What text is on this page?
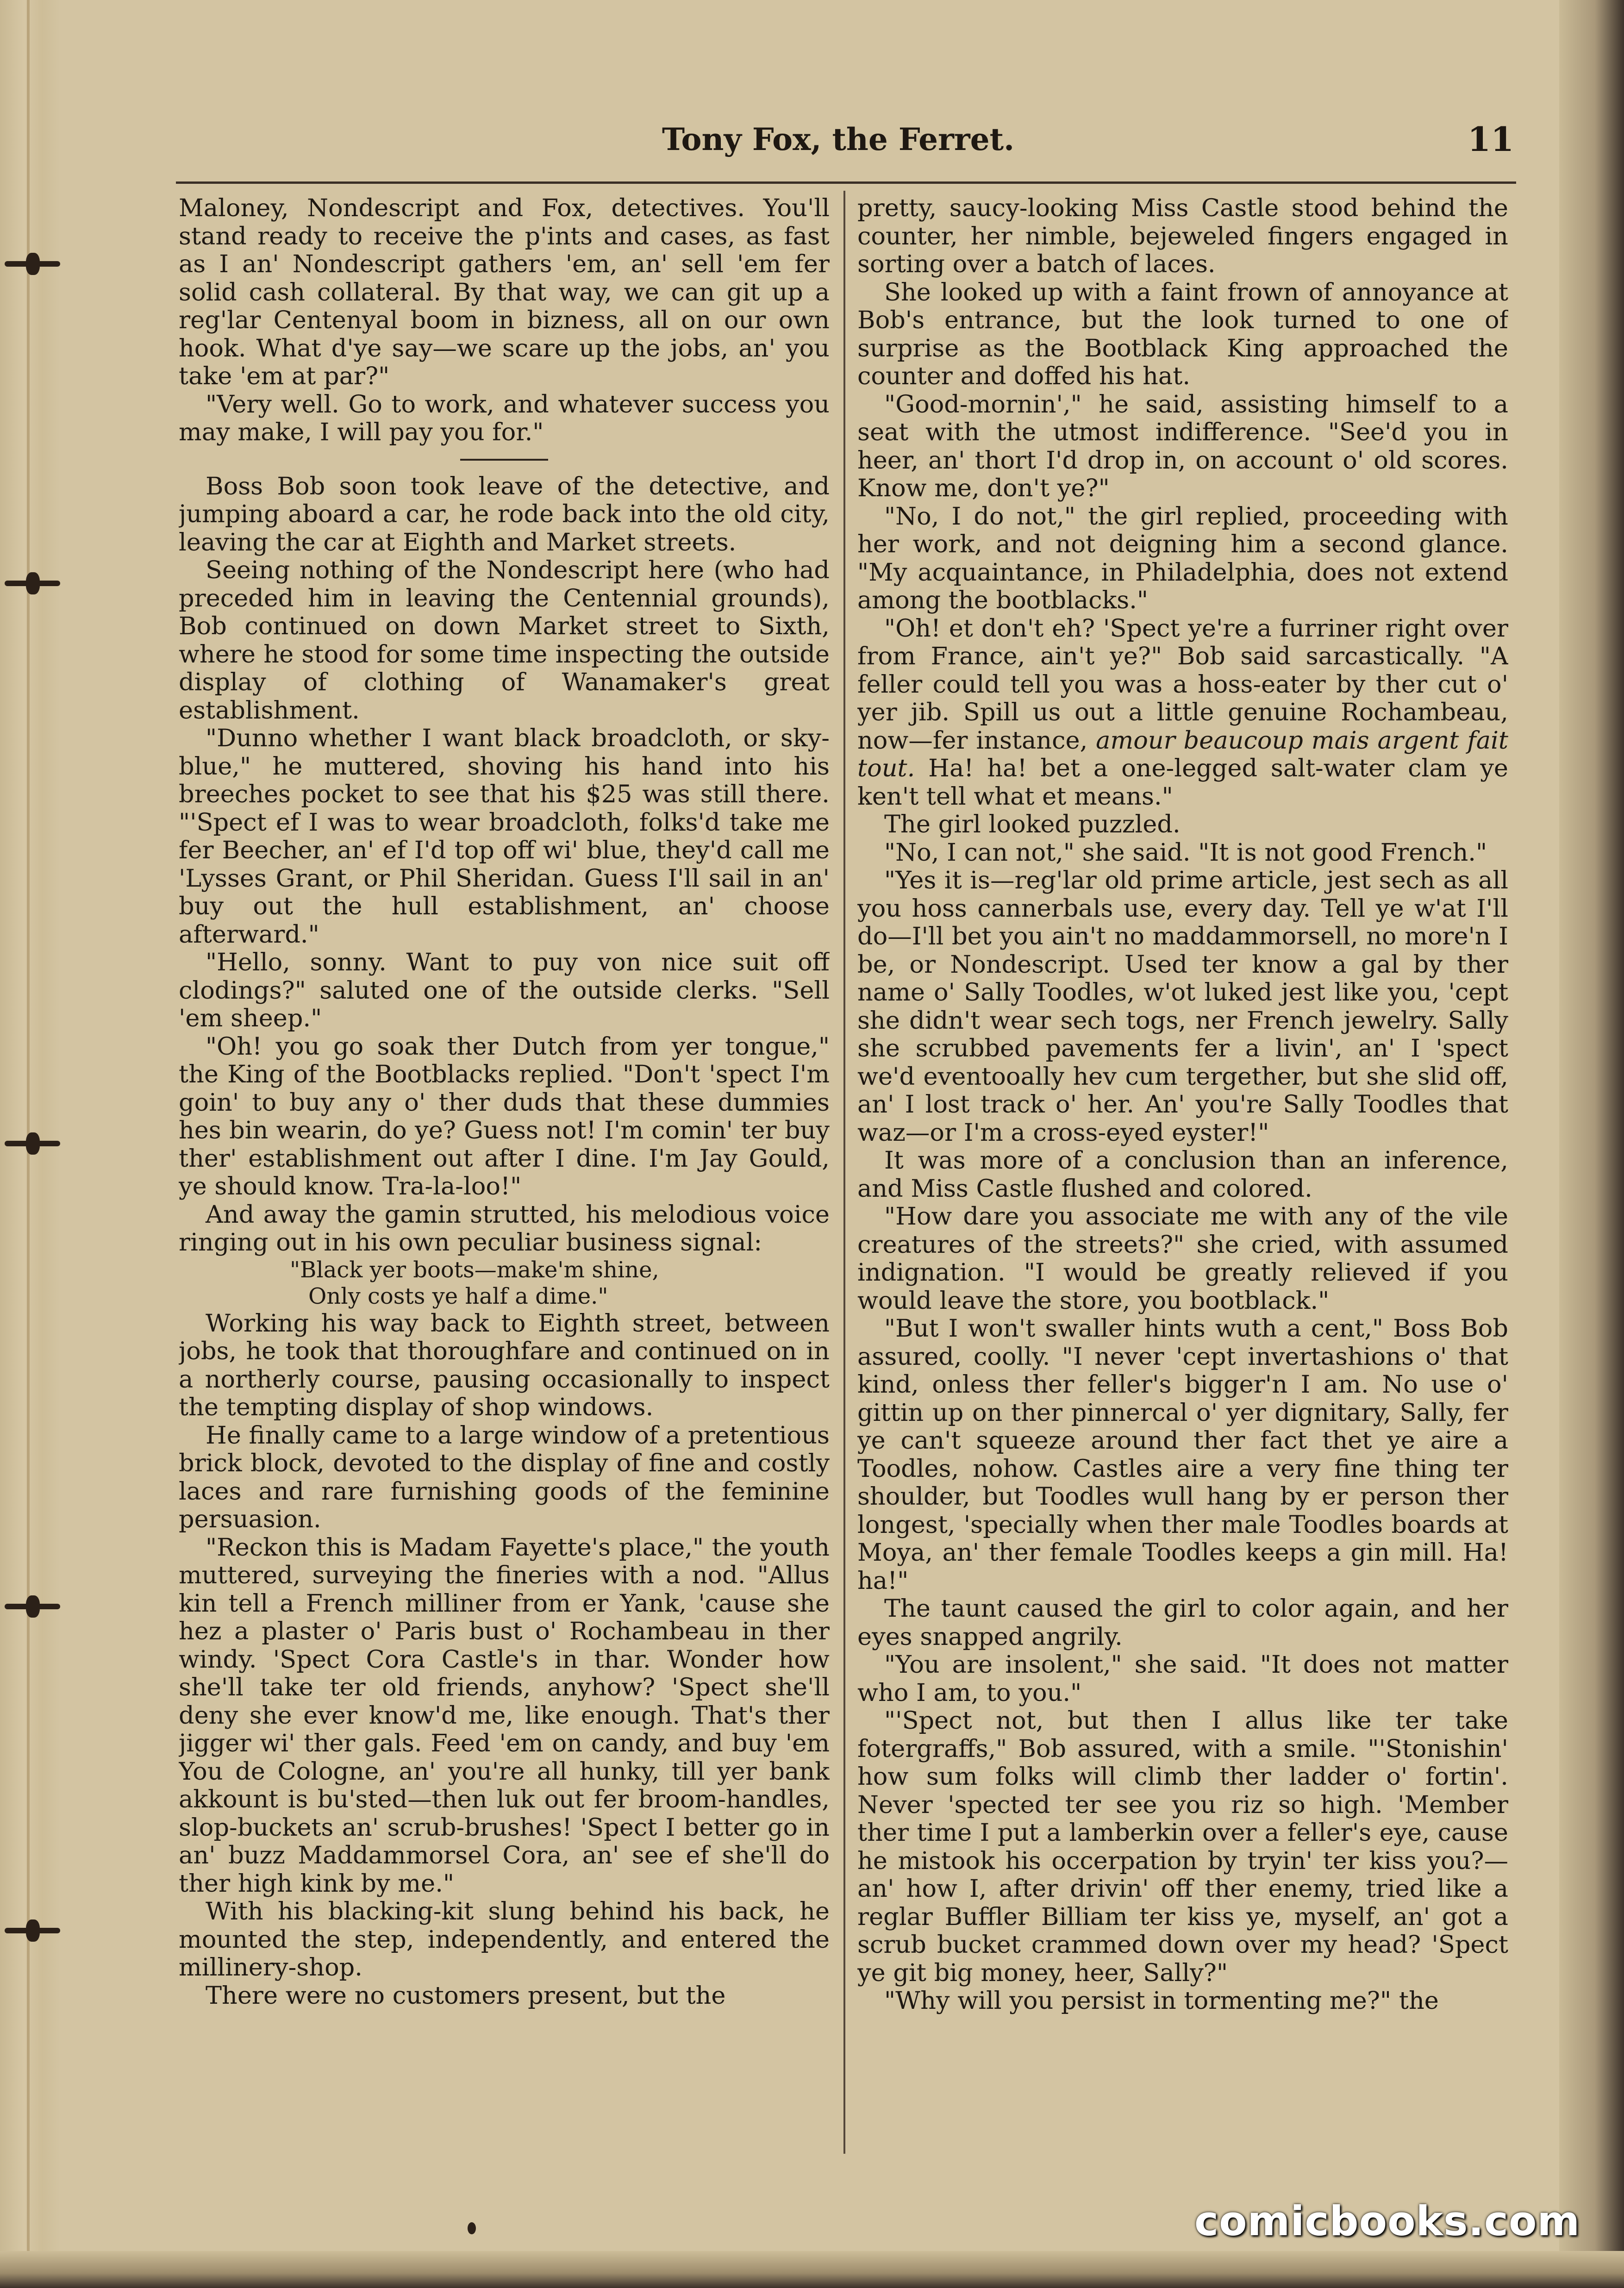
Tony Fox, the Ferret.	11

Maloney, Nondescript and Fox, detectives. You'll stand ready to receive the p'ints and cases, as fast as I an' Nondescript gathers 'em, an' sell 'em fer solid cash collateral. By that way, we can git up a reg'lar Centenyal boom in bizness, all on our own hook. What d'ye say—we scare up the jobs, an' you take 'em at par?"

"Very well. Go to work, and whatever success you may make, I will pay you for."

Boss Bob soon took leave of the detective, and jumping aboard a car, he rode back into the old city, leaving the car at Eighth and Market streets.

Seeing nothing of the Nondescript here (who had preceded him in leaving the Centennial grounds), Bob continued on down Market street to Sixth, where he stood for some time inspecting the outside display of clothing of Wanamaker's great establishment.

"Dunno whether I want black broadcloth, or sky-blue," he muttered, shoving his hand into his breeches pocket to see that his $25 was still there. "'Spect ef I was to wear broadcloth, folks'd take me fer Beecher, an' ef I'd top off wi' blue, they'd call me 'Lysses Grant, or Phil Sheridan. Guess I'll sail in an' buy out the hull establishment, an' choose afterward."

"Hello, sonny. Want to puy von nice suit off clodings?" saluted one of the outside clerks. "Sell 'em sheep."

"Oh! you go soak ther Dutch from yer tongue," the King of the Bootblacks replied. "Don't 'spect I'm goin' to buy any o' ther duds that these dummies hes bin wearin, do ye? Guess not! I'm comin' ter buy ther' establishment out after I dine. I'm Jay Gould, ye should know. Tra-la-loo!"

And away the gamin strutted, his melodious voice ringing out in his own peculiar business signal:

"Black yer boots—make'm shine,
Only costs ye half a dime."

Working his way back to Eighth street, between jobs, he took that thoroughfare and continued on in a northerly course, pausing occasionally to inspect the tempting display of shop windows.

He finally came to a large window of a pretentious brick block, devoted to the display of fine and costly laces and rare furnishing goods of the feminine persuasion.

"Reckon this is Madam Fayette's place," the youth muttered, surveying the fineries with a nod. "Allus kin tell a French milliner from er Yank, 'cause she hez a plaster o' Paris bust o' Rochambeau in ther windy. 'Spect Cora Castle's in thar. Wonder how she'll take ter old friends, anyhow? 'Spect she'll deny she ever know'd me, like enough. That's ther jigger wi' ther gals. Feed 'em on candy, and buy 'em You de Cologne, an' you're all hunky, till yer bank akkount is bu'sted—then luk out fer broom-handles, slop-buckets an' scrub-brushes! 'Spect I better go in an' buzz Maddammorsel Cora, an' see ef she'll do ther high kink by me."

With his blacking-kit slung behind his back, he mounted the step, independently, and entered the millinery-shop.

There were no customers present, but the

pretty, saucy-looking Miss Castle stood behind the counter, her nimble, bejeweled fingers engaged in sorting over a batch of laces.

She looked up with a faint frown of annoyance at Bob's entrance, but the look turned to one of surprise as the Bootblack King approached the counter and doffed his hat.

"Good-mornin'," he said, assisting himself to a seat with the utmost indifference. "See'd you in heer, an' thort I'd drop in, on account o' old scores. Know me, don't ye?"

"No, I do not," the girl replied, proceeding with her work, and not deigning him a second glance. "My acquaintance, in Philadelphia, does not extend among the bootblacks."

"Oh! et don't eh? 'Spect ye're a furriner right over from France, ain't ye?" Bob said sarcastically. "A feller could tell you was a hoss-eater by ther cut o' yer jib. Spill us out a little genuine Rochambeau, now—fer instance, amour beaucoup mais argent fait tout. Ha! ha! bet a one-legged salt-water clam ye ken't tell what et means."

The girl looked puzzled.

"No, I can not," she said. "It is not good French."

"Yes it is—reg'lar old prime article, jest sech as all you hoss cannerbals use, every day. Tell ye w'at I'll do—I'll bet you ain't no maddammorsell, no more'n I be, or Nondescript. Used ter know a gal by ther name o' Sally Toodles, w'ot luked jest like you, 'cept she didn't wear sech togs, ner French jewelry. Sally she scrubbed pavements fer a livin', an' I 'spect we'd eventooally hev cum tergether, but she slid off, an' I lost track o' her. An' you're Sally Toodles that waz—or I'm a cross-eyed eyster!"

It was more of a conclusion than an inference, and Miss Castle flushed and colored.

"How dare you associate me with any of the vile creatures of the streets?" she cried, with assumed indignation. "I would be greatly relieved if you would leave the store, you bootblack."

"But I won't swaller hints wuth a cent," Boss Bob assured, coolly. "I never 'cept invertashions o' that kind, onless ther feller's bigger'n I am. No use o' gittin up on ther pinnercal o' yer dignitary, Sally, fer ye can't squeeze around ther fact thet ye aire a Toodles, nohow. Castles aire a very fine thing ter shoulder, but Toodles wull hang by er person ther longest, 'specially when ther male Toodles boards at Moya, an' ther female Toodles keeps a gin mill. Ha! ha!"

The taunt caused the girl to color again, and her eyes snapped angrily.

"You are insolent," she said. "It does not matter who I am, to you."

"'Spect not, but then I allus like ter take fotergraffs," Bob assured, with a smile. "'Stonishin' how sum folks will climb ther ladder o' fortin'. Never 'spected ter see you riz so high. 'Member ther time I put a lamberkin over a feller's eye, cause he mistook his occerpation by tryin' ter kiss you?—an' how I, after drivin' off ther enemy, tried like a reglar Buffler Billiam ter kiss ye, myself, an' got a scrub bucket crammed down over my head? 'Spect ye git big money, heer, Sally?"

"Why will you persist in tormenting me?" the

comicbooks.com
